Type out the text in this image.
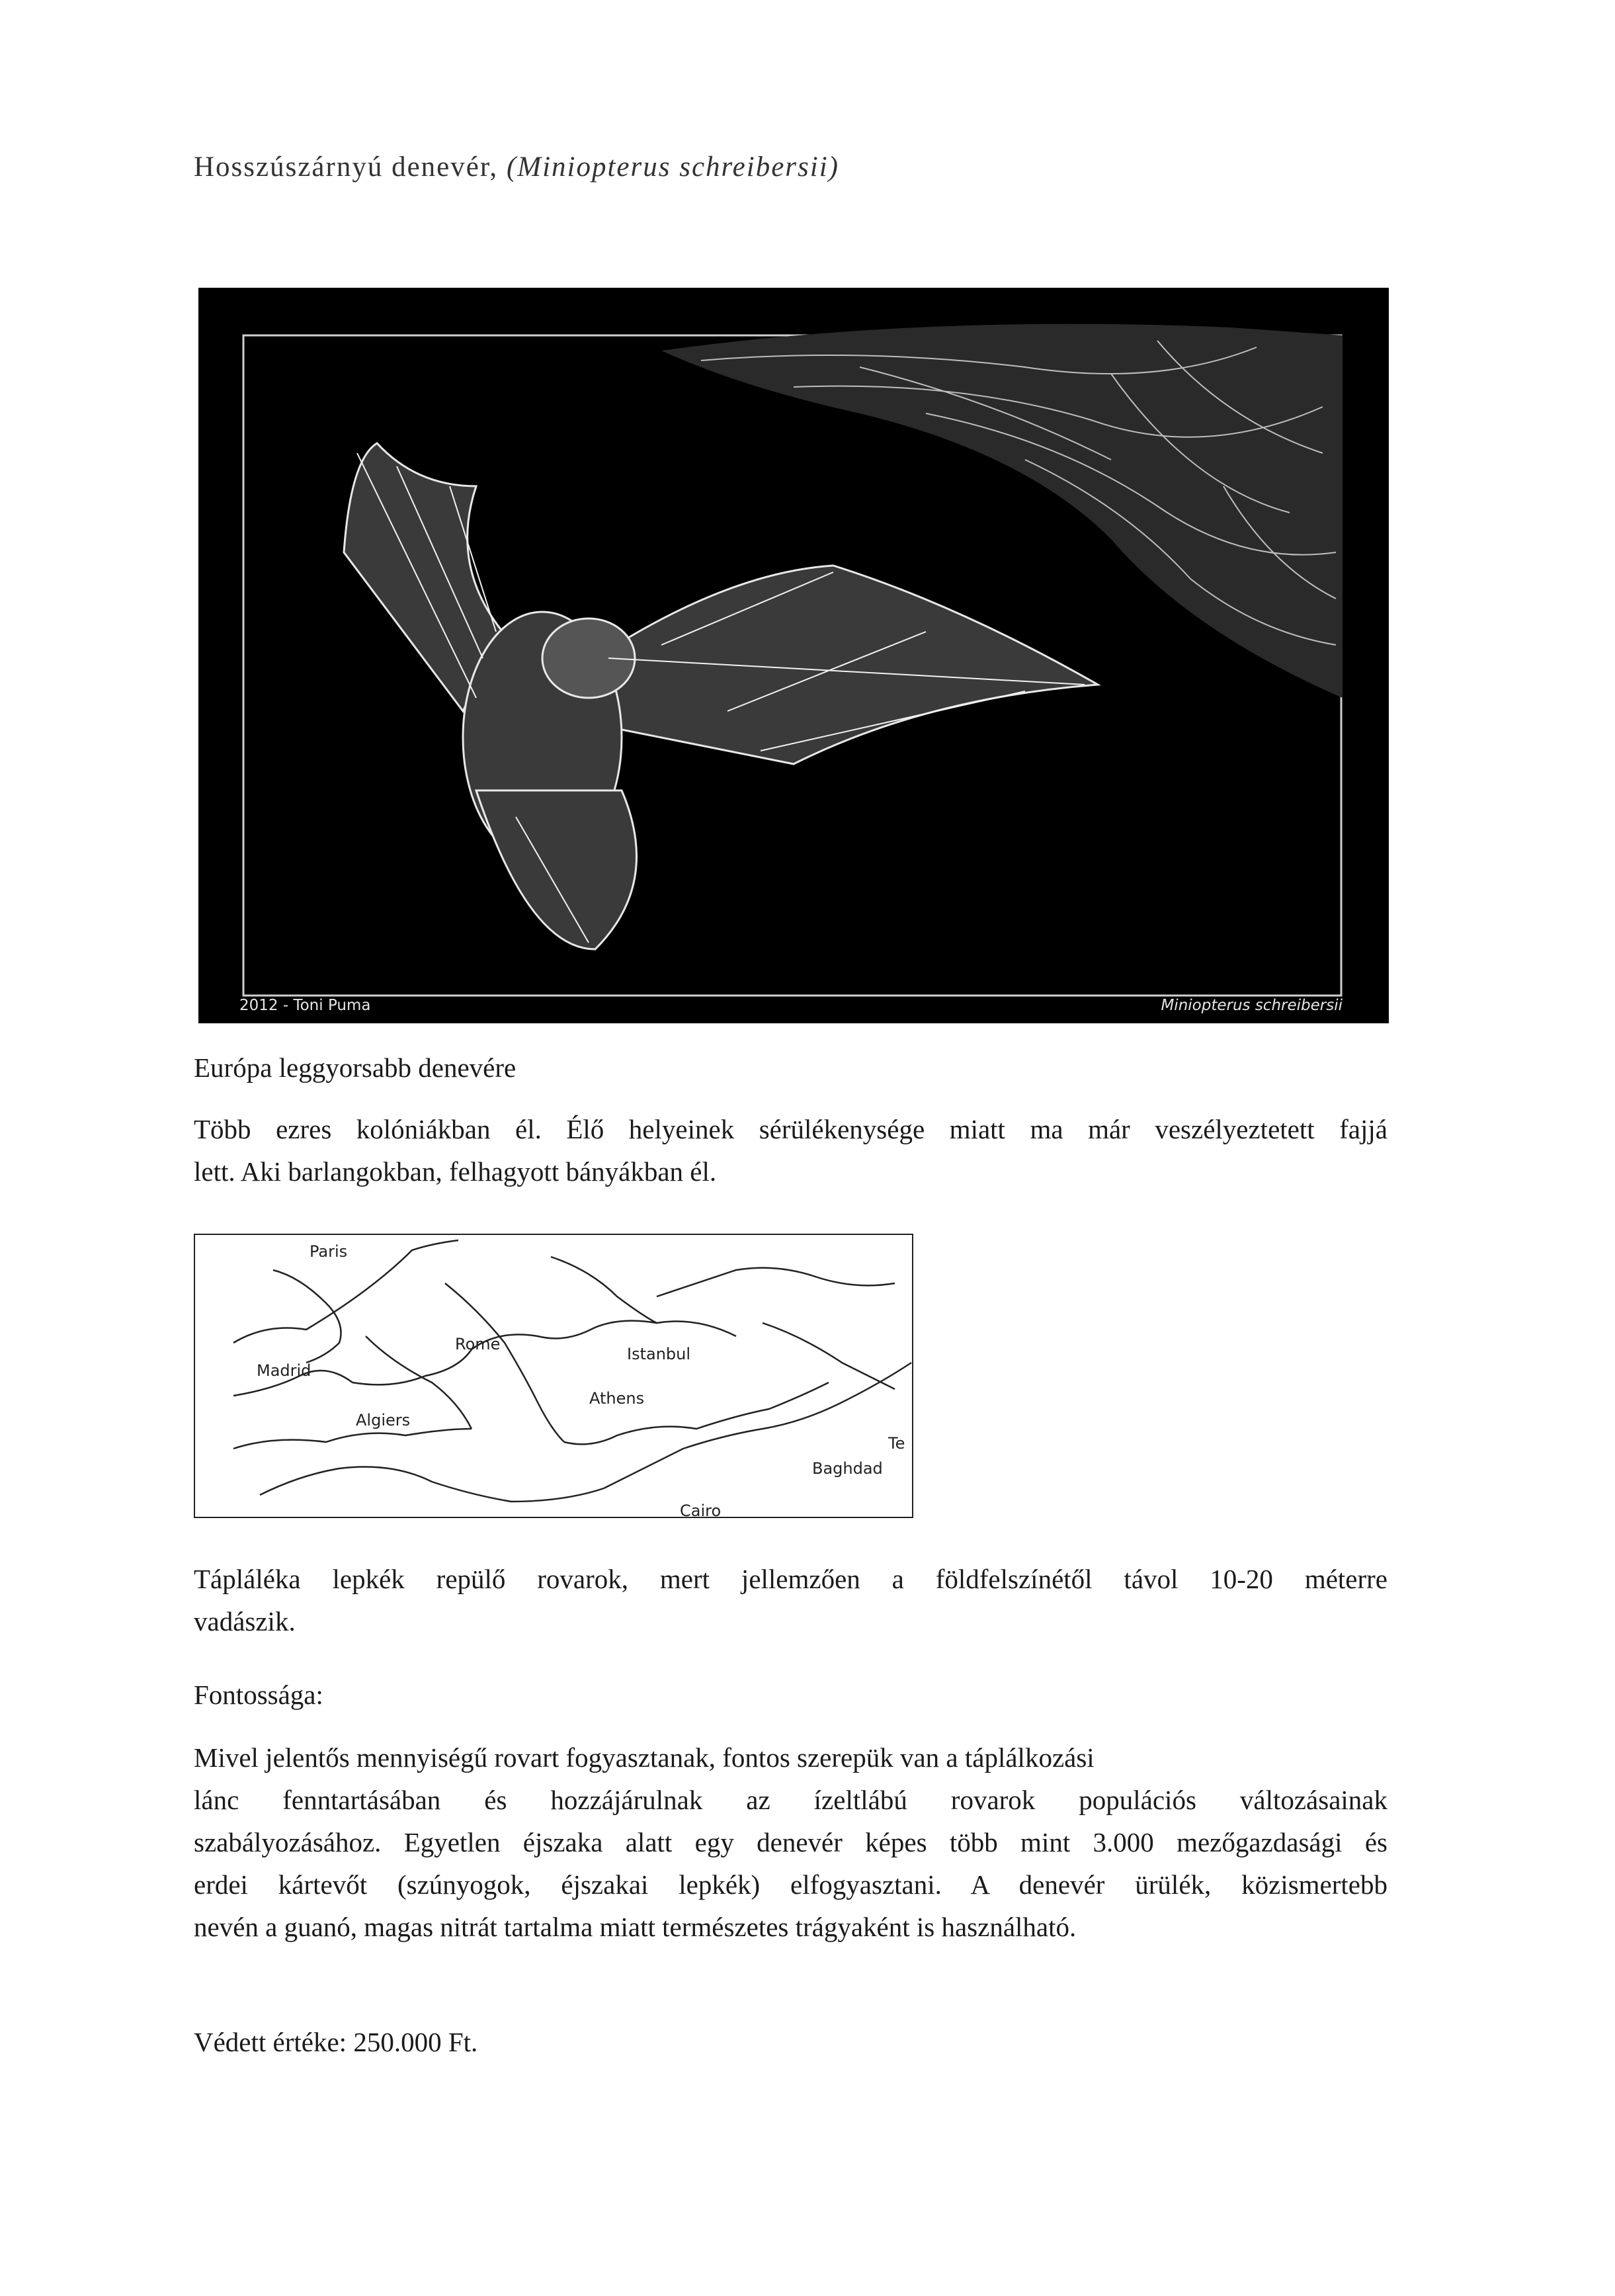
Hosszúszárnyú denevér, (Miniopterus schreibersii)
2012 - Toni Puma	Miniopterus schreibersii
Európa leggyorsabb denevére
Több ezres kolóniákban él. Élő helyeinek sérülékenysége miatt ma már veszélyeztetett fajjá
lett. Aki barlangokban, felhagyott bányákban él.
Paris
Madrid
Rome
Istanbul
Athens
Algiers
Baghdad
Cairo
Te
Tápláléka lepkék repülő rovarok, mert jellemzően a földfelszínétől távol 10-20 méterre
vadászik.
Fontossága:
Mivel jelentős mennyiségű rovart fogyasztanak, fontos szerepük van a táplálkozási
lánc fenntartásában és hozzájárulnak az ízeltlábú rovarok populációs változásainak
szabályozásához. Egyetlen éjszaka alatt egy denevér képes több mint 3.000 mezőgazdasági és
erdei kártevőt (szúnyogok, éjszakai lepkék) elfogyasztani. A denevér ürülék, közismertebb
nevén a guanó, magas nitrát tartalma miatt természetes trágyaként is használható.
Védett értéke: 250.000 Ft.
